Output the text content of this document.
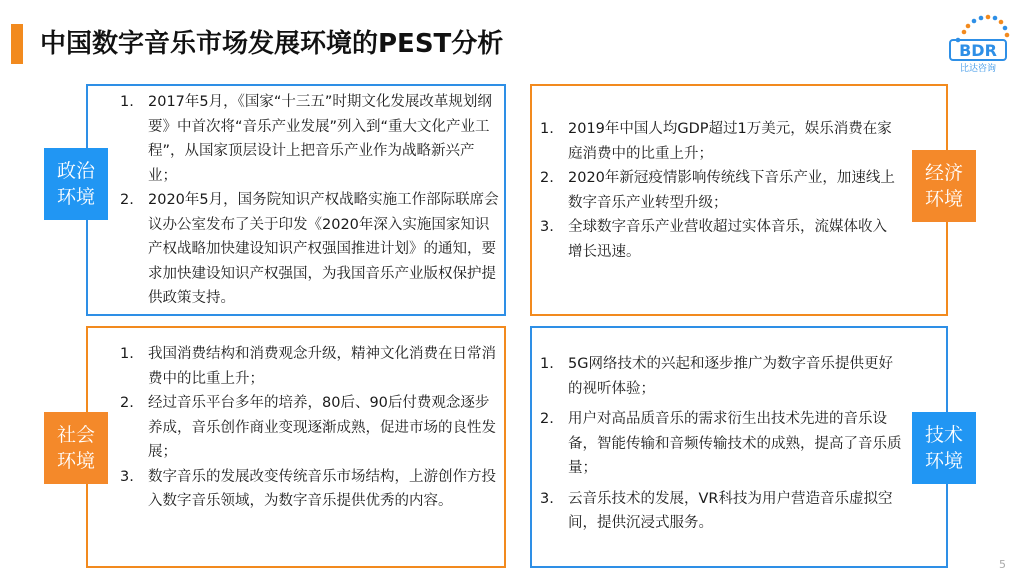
中国数字音乐市场发展环境的PEST分析	BDR
比达咨询
1. 2017年5月，《国家“十三五”时期文化发展改革规划纲要》中首次将“音乐产业发展”列入到“重大文化产业工程”，从国家顶层设计上把音乐产业作为战略新兴产业；
2. 2020年5月，国务院知识产权战略实施工作部际联席会议办公室发布了关于印发《2020年深入实施国家知识产权战略加快建设知识产权强国推进计划》的通知，要求加快建设知识产权强国，为我国音乐产业版权保护提供政策支持。
政治
环境
1. 2019年中国人均GDP超过1万美元，娱乐消费在家庭消费中的比重上升；
2. 2020年新冠疫情影响传统线下音乐产业，加速线上数字音乐产业转型升级；
3. 全球数字音乐产业营收超过实体音乐，流媒体收入增长迅速。
经济
环境
1. 我国消费结构和消费观念升级，精神文化消费在日常消费中的比重上升；
2. 经过音乐平台多年的培养，80后、90后付费观念逐步养成，音乐创作商业变现逐渐成熟，促进市场的良性发展；
3. 数字音乐的发展改变传统音乐市场结构，上游创作方投入数字音乐领域，为数字音乐提供优秀的内容。
社会
环境
1. 5G网络技术的兴起和逐步推广为数字音乐提供更好的视听体验；
2. 用户对高品质音乐的需求衍生出技术先进的音乐设备，智能传输和音频传输技术的成熟，提高了音乐质量；
3. 云音乐技术的发展，VR科技为用户营造音乐虚拟空间，提供沉浸式服务。
技术
环境
5
